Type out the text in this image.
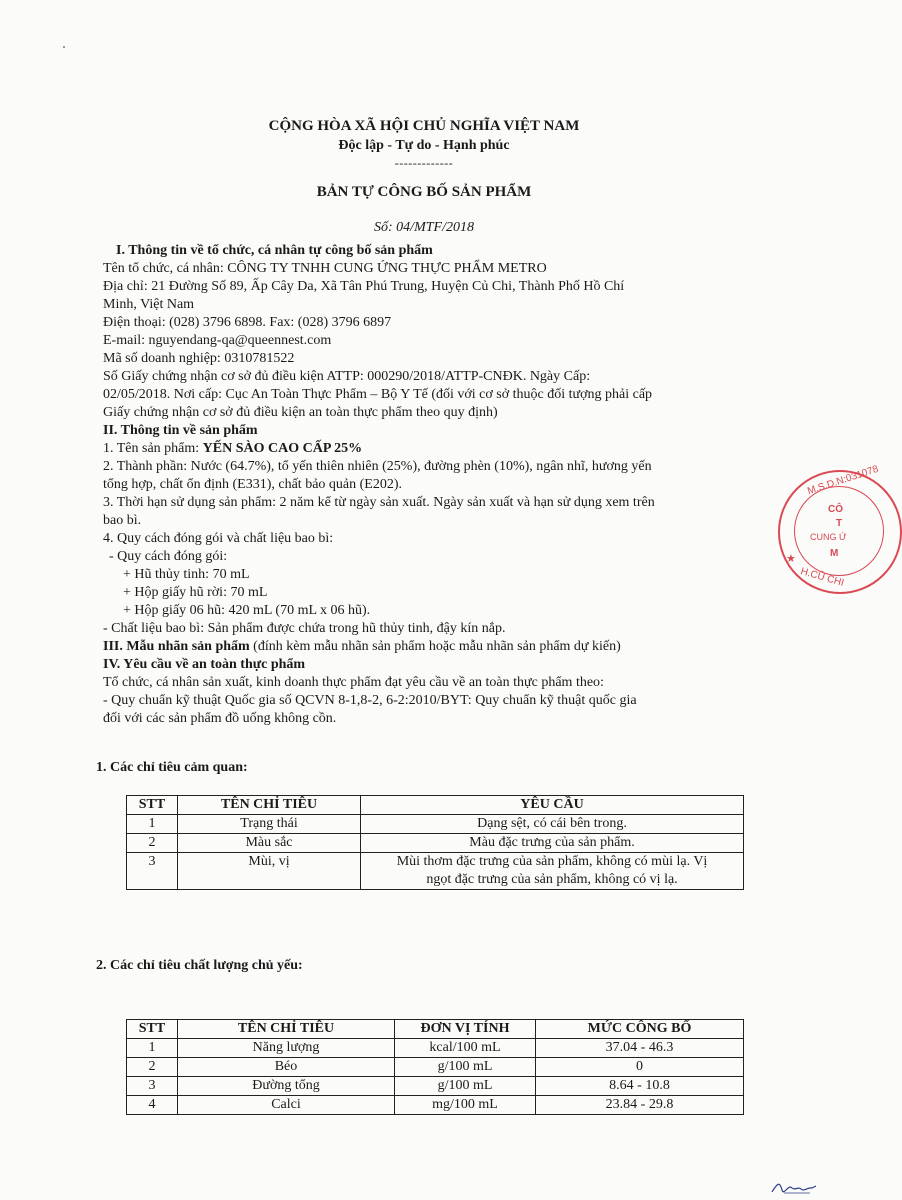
CỘNG HÒA XÃ HỘI CHỦ NGHĨA VIỆT NAM
Độc lập - Tự do - Hạnh phúc
-------------
BẢN TỰ CÔNG BỐ SẢN PHẨM
Số: 04/MTF/2018
I. Thông tin về tổ chức, cá nhân tự công bố sản phẩm
Tên tổ chức, cá nhân: CÔNG TY TNHH CUNG ỨNG THỰC PHẨM METRO
Địa chỉ: 21 Đường Số 89, Ấp Cây Da, Xã Tân Phú Trung, Huyện Củ Chi, Thành Phố Hồ Chí
Minh, Việt Nam
Điện thoại: (028) 3796 6898. Fax: (028) 3796 6897
E-mail: nguyendang-qa@queennest.com
Mã số doanh nghiệp: 0310781522
Số Giấy chứng nhận cơ sở đủ điều kiện ATTP: 000290/2018/ATTP-CNĐK. Ngày Cấp:
02/05/2018. Nơi cấp: Cục An Toàn Thực Phẩm – Bộ Y Tế (đối với cơ sở thuộc đối tượng phải cấp
Giấy chứng nhận cơ sở đủ điều kiện an toàn thực phẩm theo quy định)
II. Thông tin về sản phẩm
1. Tên sản phẩm: YẾN SÀO CAO CẤP 25%
2. Thành phần: Nước (64.7%), tổ yến thiên nhiên (25%), đường phèn (10%), ngân nhĩ, hương yến
tổng hợp, chất ổn định (E331), chất bảo quản (E202).
3. Thời hạn sử dụng sản phẩm: 2 năm kể từ ngày sản xuất. Ngày sản xuất và hạn sử dụng xem trên
bao bì.
4. Quy cách đóng gói và chất liệu bao bì:
- Quy cách đóng gói:
+ Hũ thủy tinh: 70 mL
+ Hộp giấy hũ rời: 70 mL
+ Hộp giấy 06 hũ: 420 mL (70 mL x 06 hũ).
- Chất liệu bao bì: Sản phẩm được chứa trong hũ thủy tinh, đậy kín nắp.
III. Mẫu nhãn sản phẩm (đính kèm mẫu nhãn sản phẩm hoặc mẫu nhãn sản phẩm dự kiến)
IV. Yêu cầu về an toàn thực phẩm
Tổ chức, cá nhân sản xuất, kinh doanh thực phẩm đạt yêu cầu về an toàn thực phẩm theo:
- Quy chuẩn kỹ thuật Quốc gia số QCVN 8-1,8-2, 6-2:2010/BYT: Quy chuẩn kỹ thuật quốc gia
đối với các sản phẩm đồ uống không cồn.
1. Các chỉ tiêu cảm quan:
STT	TÊN CHỈ TIÊU	YÊU CẦU
1	Trạng thái	Dạng sệt, có cái bên trong.
2	Màu sắc	Màu đặc trưng của sản phẩm.
3	Mùi, vị	Mùi thơm đặc trưng của sản phẩm, không có mùi lạ. Vị ngọt đặc trưng của sản phẩm, không có vị lạ.
2. Các chỉ tiêu chất lượng chủ yếu:
STT	TÊN CHỈ TIÊU	ĐƠN VỊ TÍNH	MỨC CÔNG BỐ
1	Năng lượng	kcal/100 mL	37.04 - 46.3
2	Béo	g/100 mL	0
3	Đường tổng	g/100 mL	8.64 - 10.8
4	Calci	mg/100 mL	23.84 - 29.8
M.S.D.N:031078
CÔ
T
CUNG Ứ
M
★
H.CỦ CHI
